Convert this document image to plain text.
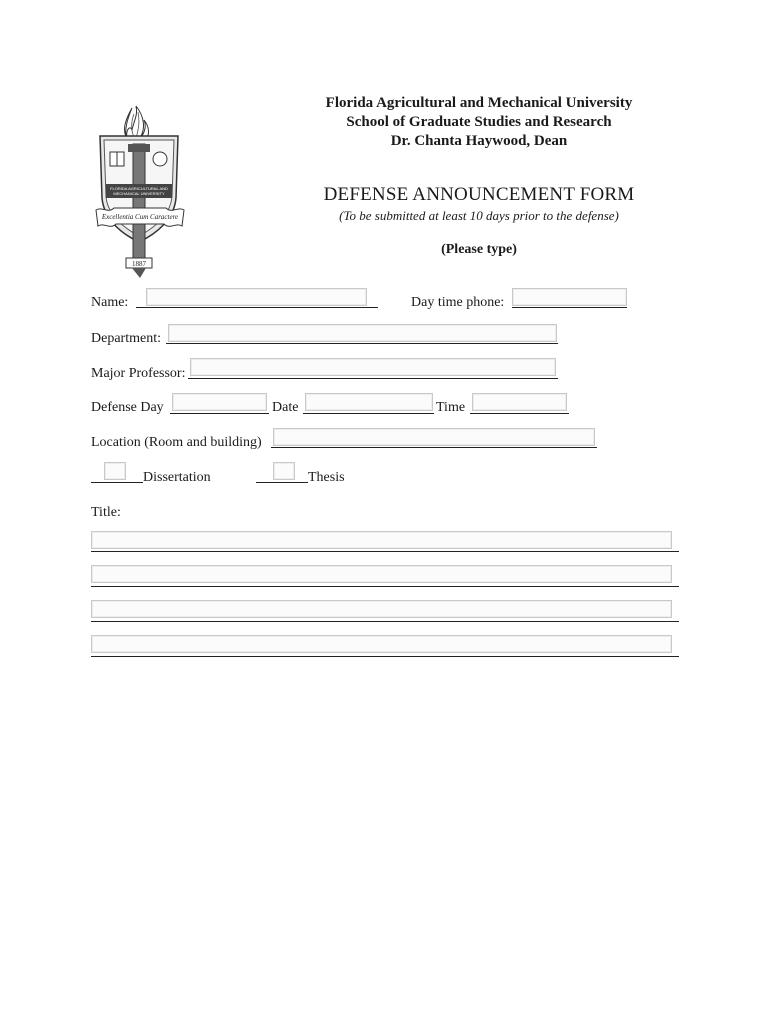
Florida Agricultural and Mechanical University
School of Graduate Studies and Research
Dr. Chanta Haywood, Dean
DEFENSE ANNOUNCEMENT FORM
(To be submitted at least 10 days prior to the defense)
(Please type)
FLORIDA AGRICULTURAL AND
MECHANICAL UNIVERSITY
Excellentia Cum Caractere
1887
Name:	Day time phone:
Department:
Major Professor:
Defense Day	Date	Time
Location (Room and building)
Dissertation	Thesis
Title:
